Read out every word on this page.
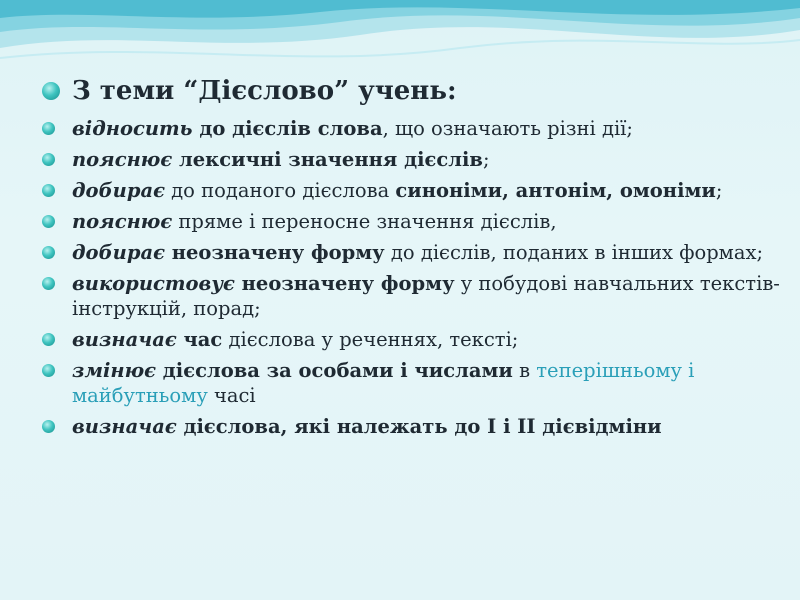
З теми “Дієслово” учень:
відносить до дієслів слова, що означають різні дії;
пояснює лексичні значення дієслів;
добирає до поданого дієслова синоніми, антонім, омоніми;
пояснює пряме і переносне значення дієслів,
добирає неозначену форму до дієслів, поданих в інших формах;
використовує неозначену форму у побудові навчальних текстів-інструкцій, порад;
визначає час дієслова у реченнях, тексті;
змінює дієслова за особами і числами в теперішньому і майбутньому часі
визначає дієслова, які належать до І і ІІ дієвідміни
